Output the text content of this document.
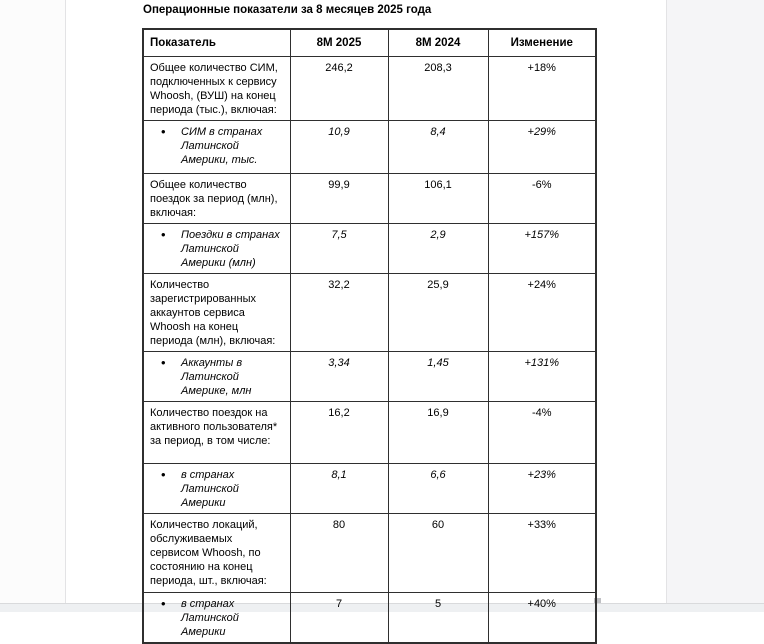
Операционные показатели за 8 месяцев 2025 года
Показатель	8М 2025	8М 2024	Изменение
Общее количество СИМ, подключенных к сервису Whoosh, (ВУШ) на конец периода (тыс.), включая:	246,2	208,3	+18%

• СИМ в странах Латинской Америки, тыс.	10,9	8,4	+29%
Общее количество поездок за период (млн), включая:	99,9	106,1	-6%

• Поездки в странах Латинской Америки (млн)	7,5	2,9	+157%
Количество зарегистрированных аккаунтов сервиса Whoosh на конец периода (млн), включая:	32,2	25,9	+24%

• Аккаунты в Латинской Америке, млн	3,34	1,45	+131%
Количество поездок на активного пользователя* за период, в том числе:	16,2	16,9	-4%

• в странах Латинской Америки	8,1	6,6	+23%
Количество локаций, обслуживаемых сервисом Whoosh, по состоянию на конец периода, шт., включая:	80	60	+33%

• в странах Латинской Америки	7	5	+40%
